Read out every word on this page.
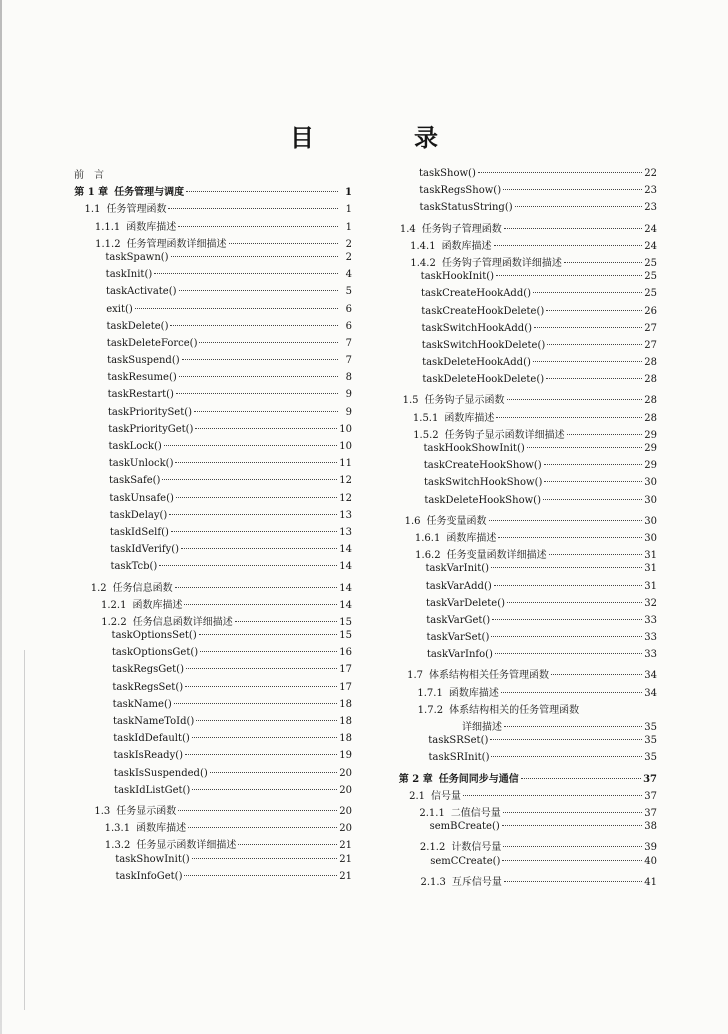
目　录
前　言
第 1 章 任务管理与调度	1
1.1 任务管理函数	1
1.1.1 函数库描述	1
1.1.2 任务管理函数详细描述	2
taskSpawn()	2
taskInit()	4
taskActivate()	5
exit()	6
taskDelete()	6
taskDeleteForce()	7
taskSuspend()	7
taskResume()	8
taskRestart()	9
taskPrioritySet()	9
taskPriorityGet()	10
taskLock()	10
taskUnlock()	11
taskSafe()	12
taskUnsafe()	12
taskDelay()	13
taskIdSelf()	13
taskIdVerify()	14
taskTcb()	14
1.2 任务信息函数	14
1.2.1 函数库描述	14
1.2.2 任务信息函数详细描述	15
taskOptionsSet()	15
taskOptionsGet()	16
taskRegsGet()	17
taskRegsSet()	17
taskName()	18
taskNameToId()	18
taskIdDefault()	18
taskIsReady()	19
taskIsSuspended()	20
taskIdListGet()	20
1.3 任务显示函数	20
1.3.1 函数库描述	20
1.3.2 任务显示函数详细描述	21
taskShowInit()	21
taskInfoGet()	21
taskShow()	22
taskRegsShow()	23
taskStatusString()	23
1.4 任务钩子管理函数	24
1.4.1 函数库描述	24
1.4.2 任务钩子管理函数详细描述	25
taskHookInit()	25
taskCreateHookAdd()	25
taskCreateHookDelete()	26
taskSwitchHookAdd()	27
taskSwitchHookDelete()	27
taskDeleteHookAdd()	28
taskDeleteHookDelete()	28
1.5 任务钩子显示函数	28
1.5.1 函数库描述	28
1.5.2 任务钩子显示函数详细描述	29
taskHookShowInit()	29
taskCreateHookShow()	29
taskSwitchHookShow()	30
taskDeleteHookShow()	30
1.6 任务变量函数	30
1.6.1 函数库描述	30
1.6.2 任务变量函数详细描述	31
taskVarInit()	31
taskVarAdd()	31
taskVarDelete()	32
taskVarGet()	33
taskVarSet()	33
taskVarInfo()	33
1.7 体系结构相关任务管理函数	34
1.7.1 函数库描述	34
1.7.2 体系结构相关的任务管理函数
详细描述	35
taskSRSet()	35
taskSRInit()	35
第 2 章 任务间同步与通信	37
2.1 信号量	37
2.1.1 二值信号量	37
semBCreate()	38
2.1.2 计数信号量	39
semCCreate()	40
2.1.3 互斥信号量	41
